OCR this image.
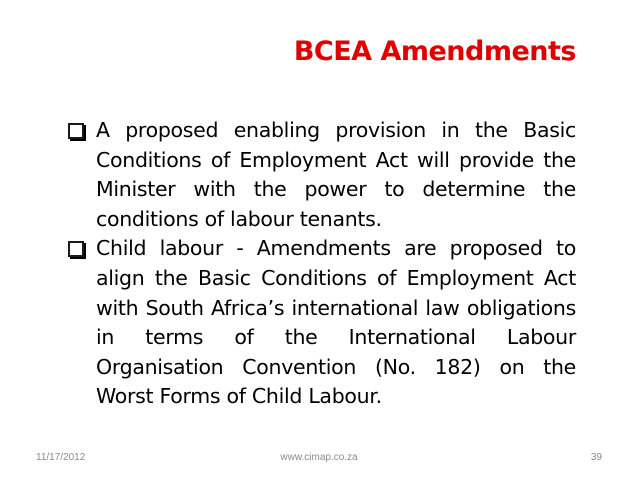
BCEA Amendments
A proposed enabling provision in the Basic Conditions of Employment Act will provide the Minister with the power to determine the conditions of labour tenants.
Child labour - Amendments are proposed to align the Basic Conditions of Employment Act with South Africa’s international law obligations in terms of the International Labour Organisation Convention (No. 182) on the Worst Forms of Child Labour.
11/17/2012	www.cimap.co.za	39
